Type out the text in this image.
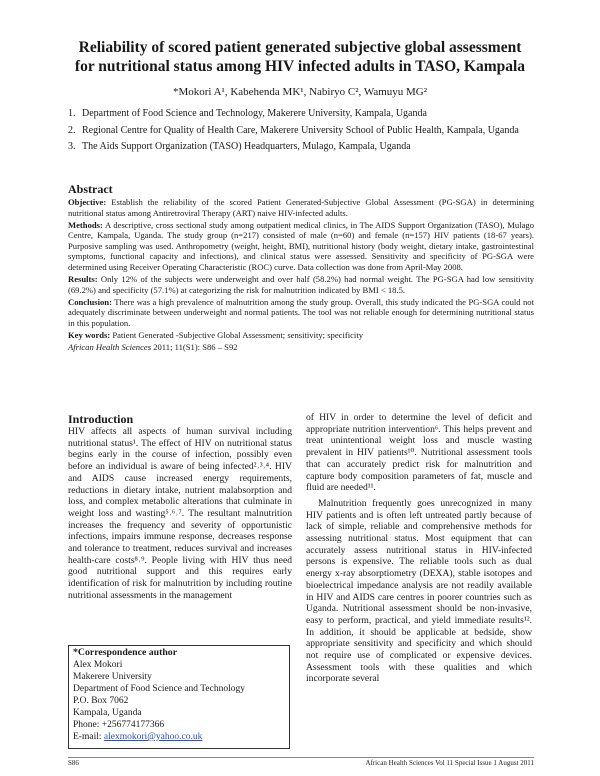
Reliability of scored patient generated subjective global assessment
for nutritional status among HIV infected adults in TASO, Kampala
*Mokori A¹, Kabehenda MK¹, Nabiryo C², Wamuyu MG²
1. Department of Food Science and Technology, Makerere University, Kampala, Uganda
2. Regional Centre for Quality of Health Care, Makerere University School of Public Health, Kampala, Uganda
3. The Aids Support Organization (TASO) Headquarters, Mulago, Kampala, Uganda
Abstract

Objective: Establish the reliability of the scored Patient Generated-Subjective Global Assessment (PG-SGA) in determining nutritional status among Antiretroviral Therapy (ART) naive HIV-infected adults.

Methods: A descriptive, cross sectional study among outpatient medical clinics, in The AIDS Support Organization (TASO), Mulago Centre, Kampala, Uganda. The study group (n=217) consisted of male (n=60) and female (n=157) HIV patients (18-67 years). Purposive sampling was used. Anthropometry (weight, height, BMI), nutritional history (body weight, dietary intake, gastrointestinal symptoms, functional capacity and infections), and clinical status were assessed. Sensitivity and specificity of PG-SGA were determined using Receiver Operating Characteristic (ROC) curve. Data collection was done from April-May 2008.

Results: Only 12% of the subjects were underweight and over half (58.2%) had normal weight. The PG-SGA had low sensitivity (69.2%) and specificity (57.1%) at categorizing the risk for malnutrition indicated by BMI < 18.5.

Conclusion: There was a high prevalence of malnutrition among the study group. Overall, this study indicated the PG-SGA could not adequately discriminate between underweight and normal patients. The tool was not reliable enough for determining nutritional status in this population.

Key words: Patient Generated -Subjective Global Assessment; sensitivity; specificity

African Health Sciences 2011; 11(S1): S86 – S92

Introduction

HIV affects all aspects of human survival including nutritional status¹. The effect of HIV on nutritional status begins early in the course of infection, possibly even before an individual is aware of being infected²˒³˒⁴. HIV and AIDS cause increased energy requirements, reductions in dietary intake, nutrient malabsorption and loss, and complex metabolic alterations that culminate in weight loss and wasting⁵˒⁶˒⁷. The resultant malnutrition increases the frequency and severity of opportunistic infections, impairs immune response, decreases response and tolerance to treatment, reduces survival and increases health-care costs⁸˒⁹. People living with HIV thus need good nutritional support and this requires early identification of risk for malnutrition by including routine nutritional assessments in the management

of HIV in order to determine the level of deficit and appropriate nutrition intervention⁶. This helps prevent and treat unintentional weight loss and muscle wasting prevalent in HIV patients¹⁰. Nutritional assessment tools that can accurately predict risk for malnutrition and capture body composition parameters of fat, muscle and fluid are needed¹¹.

Malnutrition frequently goes unrecognized in many HIV patients and is often left untreated partly because of lack of simple, reliable and comprehensive methods for assessing nutritional status. Most equipment that can accurately assess nutritional status in HIV-infected persons is expensive. The reliable tools such as dual energy x-ray absorptiometry (DEXA), stable isotopes and bioelectrical impedance analysis are not readily available in HIV and AIDS care centres in poorer countries such as Uganda. Nutritional assessment should be non-invasive, easy to perform, practical, and yield immediate results¹². In addition, it should be applicable at bedside, show appropriate sensitivity and specificity and which should not require use of complicated or expensive devices. Assessment tools with these qualities and which incorporate several

*Correspondence author
Alex Mokori
Makerere University
Department of Food Science and Technology
P.O. Box 7062
Kampala, Uganda
Phone: +256774177366
E-mail: alexmokori@yahoo.co.uk
S86	African Health Sciences Vol 11 Special Issue 1 August 2011
